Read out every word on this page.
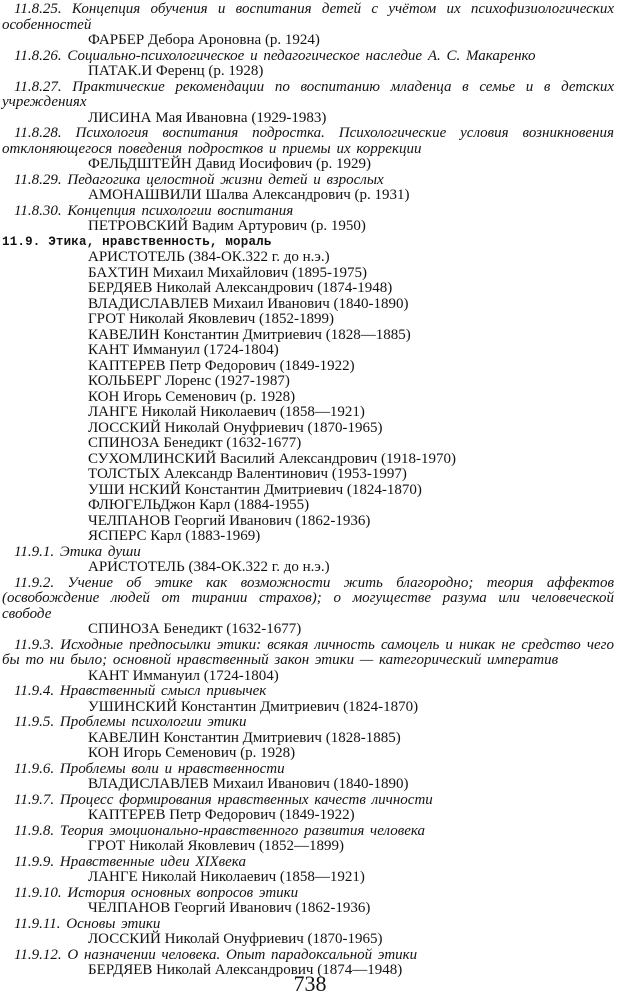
11.8.25. Концепция обучения и воспитания детей с учётом их психофизиологических особенностей
ФАРБЕР Дебора Ароновна (р. 1924)
11.8.26. Социально-психологическое и педагогическое наследие А. С. Макаренко
ПАТАК.И Ференц (р. 1928)
11.8.27. Практические рекомендации по воспитанию младенца в семье и в детских учреждениях
ЛИСИНА Мая Ивановна (1929-1983)
11.8.28. Психология воспитания подростка. Психологические условия возникновения отклоняющегося поведения подростков и приемы их коррекции
ФЕЛЬДШТЕЙН Давид Иосифович (р. 1929)
11.8.29. Педагогика целостной жизни детей и взрослых
АМОНАШВИЛИ Шалва Александрович (р. 1931)
11.8.30. Концепция психологии воспитания
ПЕТРОВСКИЙ Вадим Артурович (р. 1950)
11.9. Этика, нравственность, мораль
АРИСТОТЕЛЬ (384-ОК.322 г. до н.э.)
БАХТИН Михаил Михайлович (1895-1975)
БЕРДЯЕВ Николай Александрович (1874-1948)
ВЛАДИСЛАВЛЕВ Михаил Иванович (1840-1890)
ГРОТ Николай Яковлевич (1852-1899)
КАВЕЛИН Константин Дмитриевич (1828—1885)
КАНТ Иммануил (1724-1804)
КАПТЕРЕВ Петр Федорович (1849-1922)
КОЛЬБЕРГ Лоренс (1927-1987)
КОН Игорь Семенович (р. 1928)
ЛАНГЕ Николай Николаевич (1858—1921)
ЛОССКИЙ Николай Онуфриевич (1870-1965)
СПИНОЗА Бенедикт (1632-1677)
СУХОМЛИНСКИЙ Василий Александрович (1918-1970)
ТОЛСТЫХ Александр Валентинович (1953-1997)
УШИ НСКИЙ Константин Дмитриевич (1824-1870)
ФЛЮГЕЛЬДжон Карл (1884-1955)
ЧЕЛПАНОВ Георгий Иванович (1862-1936)
ЯСПЕРС Карл (1883-1969)
11.9.1. Этика души
АРИСТОТЕЛЬ (384-ОК.322 г. до н.э.)
11.9.2. Учение об этике как возможности жить благородно; теория аффектов (освобождение людей от тирании страхов); о могуществе разума или человеческой свободе
СПИНОЗА Бенедикт (1632-1677)
11.9.3. Исходные предпосылки этики: всякая личность самоцель и никак не средство чего бы то ни было; основной нравственный закон этики — категорический императив
КАНТ Иммануил (1724-1804)
11.9.4. Нравственный смысл привычек
УШИНСКИЙ Константин Дмитриевич (1824-1870)
11.9.5. Проблемы психологии этики
КАВЕЛИН Константин Дмитриевич (1828-1885)
КОН Игорь Семенович (р. 1928)
11.9.6. Проблемы воли и нравственности
ВЛАДИСЛАВЛЕВ Михаил Иванович (1840-1890)
11.9.7. Процесс формирования нравственных качеств личности
КАПТЕРЕВ Петр Федорович (1849-1922)
11.9.8. Теория эмоционально-нравственного развития человека
ГРОТ Николай Яковлевич (1852—1899)
11.9.9. Нравственные идеи XIXвека
ЛАНГЕ Николай Николаевич (1858—1921)
11.9.10. История основных вопросов этики
ЧЕЛПАНОВ Георгий Иванович (1862-1936)
11.9.11. Основы этики
ЛОССКИЙ Николай Онуфриевич (1870-1965)
11.9.12. О назначении человека. Опыт парадоксальной этики
БЕРДЯЕВ Николай Александрович (1874—1948)
738
